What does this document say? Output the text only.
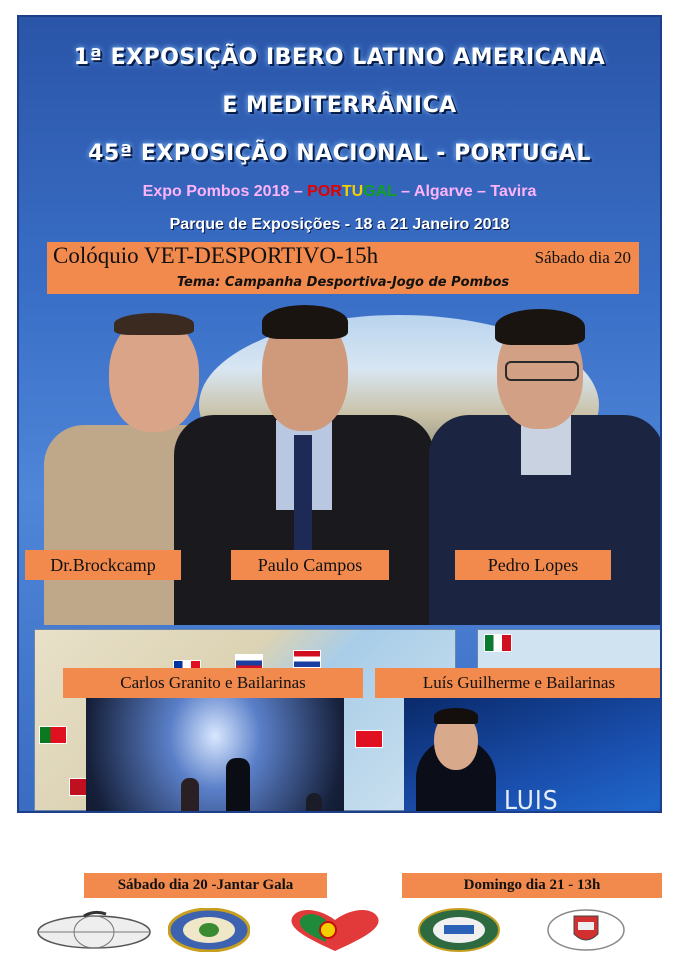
1ª EXPOSIÇÃO IBERO LATINO AMERICANA
E MEDITERRÂNICA
45ª EXPOSIÇÃO NACIONAL - PORTUGAL
Expo Pombos 2018 – PORTUGAL – Algarve – Tavira
Parque de Exposições - 18 a 21 Janeiro 2018
Colóquio VET-DESPORTIVO-15h	Sábado dia 20
Tema: Campanha Desportiva-Jogo de Pombos
Dr.Brockcamp	Paulo Campos	Pedro Lopes
Carlos Granito e Bailarinas	Luís Guilherme e Bailarinas
LUIS
Sábado dia 20 -Jantar Gala	Domingo dia 21 - 13h
